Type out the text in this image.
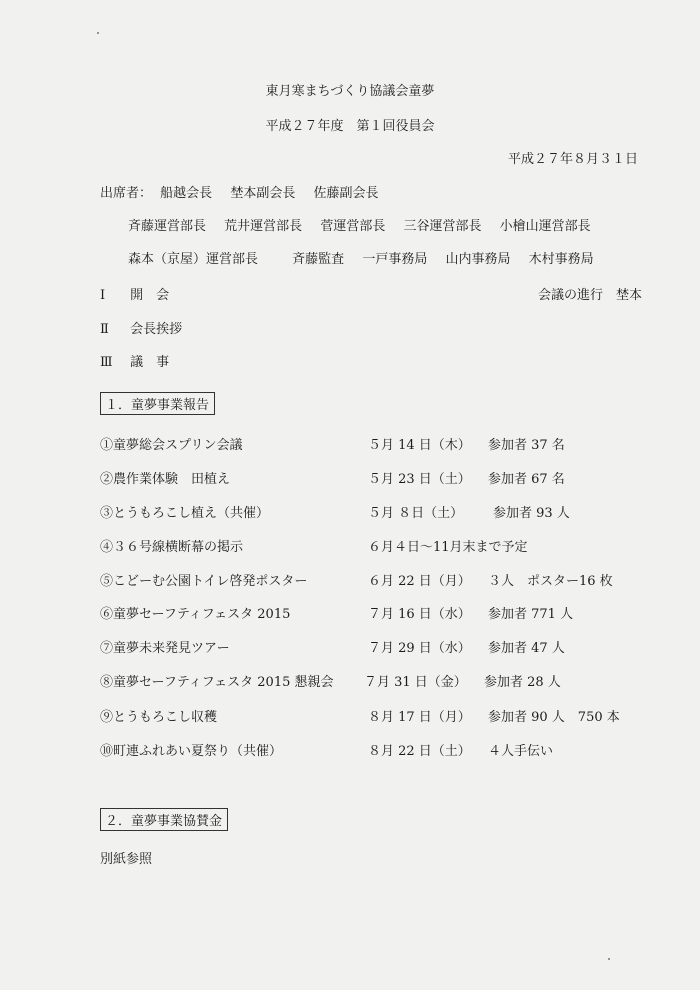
東月寒まちづくり協議会童夢
平成２７年度　第１回役員会
平成２７年８月３１日
出席者： 船越会長 埜本副会長 佐藤副会長
斉藤運営部長 荒井運営部長 菅運営部長 三谷運営部長 小檜山運営部長
森本（京屋）運営部長	斉藤監査 一戸事務局 山内事務局 木村事務局
Ⅰ 開　会	会議の進行　埜本
Ⅱ 会長挨拶
Ⅲ 議　事
１．童夢事業報告
①童夢総会スプリン会議	５月 14 日（木） 参加者 37 名
②農作業体験　田植え	５月 23 日（土） 参加者 67 名
③とうもろこし植え（共催）	５月 ８日（土） 参加者 93 人
④３６号線横断幕の掲示	６月４日〜11月末まで予定
⑤こどーむ公園トイレ啓発ポスター	６月 22 日（月） ３人　ポスター16 枚
⑥童夢セーフティフェスタ 2015	７月 16 日（水） 参加者 771 人
⑦童夢未来発見ツアー	７月 29 日（水） 参加者 47 人
⑧童夢セーフティフェスタ 2015 懇親会 ７月 31 日（金） 参加者 28 人
⑨とうもろこし収穫	８月 17 日（月） 参加者 90 人　750 本
⑩町連ふれあい夏祭り（共催）	８月 22 日（土） ４人手伝い
２．童夢事業協賛金
別紙参照
